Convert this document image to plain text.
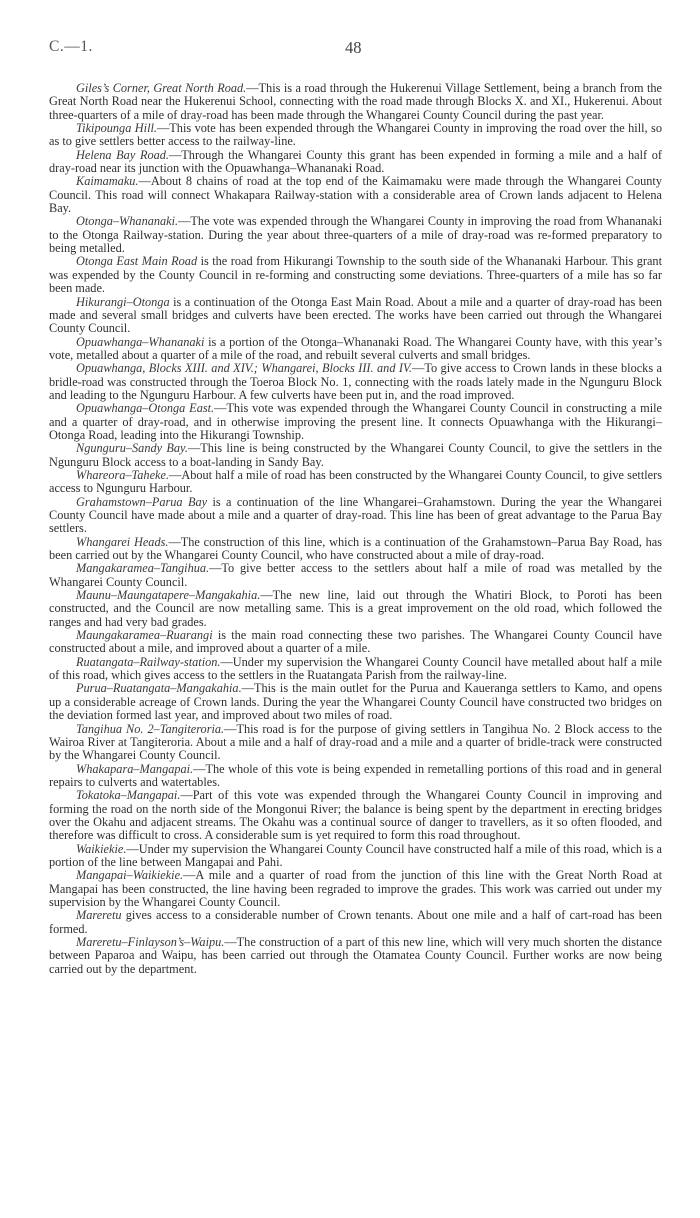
C.—1.	48

Giles’s Corner, Great North Road.—This is a road through the Hukerenui Village Settlement, being a branch from the Great North Road near the Hukerenui School, connecting with the road made through Blocks X. and XI., Hukerenui. About three-quarters of a mile of dray-road has been made through the Whangarei County Council during the past year.

Tikipounga Hill.—This vote has been expended through the Whangarei County in improving the road over the hill, so as to give settlers better access to the railway-line.

Helena Bay Road.—Through the Whangarei County this grant has been expended in forming a mile and a half of dray-road near its junction with the Opuawhanga–Whananaki Road.

Kaimamaku.—About 8 chains of road at the top end of the Kaimamaku were made through the Whangarei County Council. This road will connect Whakapara Railway-station with a considerable area of Crown lands adjacent to Helena Bay.

Otonga–Whananaki.—The vote was expended through the Whangarei County in improving the road from Whananaki to the Otonga Railway-station. During the year about three-quarters of a mile of dray-road was re-formed preparatory to being metalled.

Otonga East Main Road is the road from Hikurangi Township to the south side of the Whananaki Harbour. This grant was expended by the County Council in re-forming and constructing some deviations. Three-quarters of a mile has so far been made.

Hikurangi–Otonga is a continuation of the Otonga East Main Road. About a mile and a quarter of dray-road has been made and several small bridges and culverts have been erected. The works have been carried out through the Whangarei County Council.

Opuawhanga–Whananaki is a portion of the Otonga–Whananaki Road. The Whangarei County have, with this year’s vote, metalled about a quarter of a mile of the road, and rebuilt several culverts and small bridges.

Opuawhanga, Blocks XIII. and XIV.; Whangarei, Blocks III. and IV.—To give access to Crown lands in these blocks a bridle-road was constructed through the Toeroa Block No. 1, connecting with the roads lately made in the Ngunguru Block and leading to the Ngunguru Harbour. A few culverts have been put in, and the road improved.

Opuawhanga–Otonga East.—This vote was expended through the Whangarei County Council in constructing a mile and a quarter of dray-road, and in otherwise improving the present line. It connects Opuawhanga with the Hikurangi–Otonga Road, leading into the Hikurangi Township.

Ngunguru–Sandy Bay.—This line is being constructed by the Whangarei County Council, to give the settlers in the Ngunguru Block access to a boat-landing in Sandy Bay.

Whareora–Taheke.—About half a mile of road has been constructed by the Whangarei County Council, to give settlers access to Ngunguru Harbour.

Grahamstown–Parua Bay is a continuation of the line Whangarei–Grahamstown. During the year the Whangarei County Council have made about a mile and a quarter of dray-road. This line has been of great advantage to the Parua Bay settlers.

Whangarei Heads.—The construction of this line, which is a continuation of the Grahamstown–Parua Bay Road, has been carried out by the Whangarei County Council, who have constructed about a mile of dray-road.

Mangakaramea–Tangihua.—To give better access to the settlers about half a mile of road was metalled by the Whangarei County Council.

Maunu–Maungatapere–Mangakahia.—The new line, laid out through the Whatiri Block, to Poroti has been constructed, and the Council are now metalling same. This is a great improvement on the old road, which followed the ranges and had very bad grades.

Maungakaramea–Ruarangi is the main road connecting these two parishes. The Whangarei County Council have constructed about a mile, and improved about a quarter of a mile.

Ruatangata–Railway-station.—Under my supervision the Whangarei County Council have metalled about half a mile of this road, which gives access to the settlers in the Ruatangata Parish from the railway-line.

Purua–Ruatangata–Mangakahia.—This is the main outlet for the Purua and Kaueranga settlers to Kamo, and opens up a considerable acreage of Crown lands. During the year the Whangarei County Council have constructed two bridges on the deviation formed last year, and improved about two miles of road.

Tangihua No. 2–Tangiteroria.—This road is for the purpose of giving settlers in Tangihua No. 2 Block access to the Wairoa River at Tangiteroria. About a mile and a half of dray-road and a mile and a quarter of bridle-track were constructed by the Whangarei County Council.

Whakapara–Mangapai.—The whole of this vote is being expended in remetalling portions of this road and in general repairs to culverts and watertables.

Tokatoka–Mangapai.—Part of this vote was expended through the Whangarei County Council in improving and forming the road on the north side of the Mongonui River; the balance is being spent by the department in erecting bridges over the Okahu and adjacent streams. The Okahu was a continual source of danger to travellers, as it so often flooded, and therefore was difficult to cross. A considerable sum is yet required to form this road throughout.

Waikiekie.—Under my supervision the Whangarei County Council have constructed half a mile of this road, which is a portion of the line between Mangapai and Pahi.

Mangapai–Waikiekie.—A mile and a quarter of road from the junction of this line with the Great North Road at Mangapai has been constructed, the line having been regraded to improve the grades. This work was carried out under my supervision by the Whangarei County Council.

Mareretu gives access to a considerable number of Crown tenants. About one mile and a half of cart-road has been formed.

Mareretu–Finlayson’s–Waipu.—The construction of a part of this new line, which will very much shorten the distance between Paparoa and Waipu, has been carried out through the Otamatea County Council. Further works are now being carried out by the department.
